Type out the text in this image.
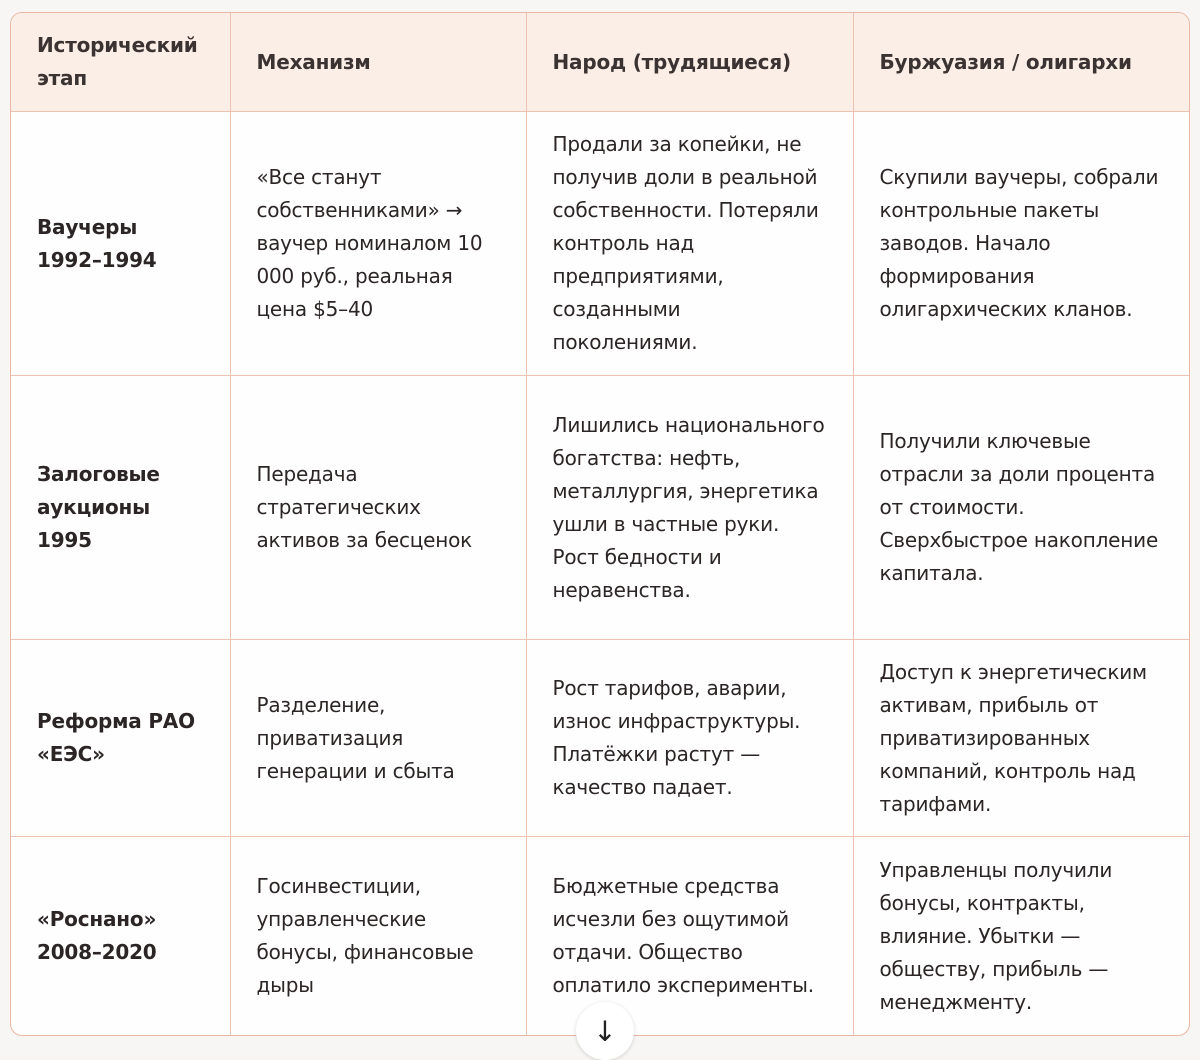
Исторический этап	Механизм	Народ (трудящиеся)	Буржуазия / олигархи
Ваучеры 1992–1994	«Все станут собственниками» → ваучер номиналом 10 000 руб., реальная цена $5–40	Продали за копейки, не получив доли в реальной собственности. Потеряли контроль над предприятиями, созданными поколениями.	Скупили ваучеры, собрали контрольные пакеты заводов. Начало формирования олигархических кланов.
Залоговые аукционы 1995	Передача стратегических активов за бесценок	Лишились национального богатства: нефть, металлургия, энергетика ушли в частные руки. Рост бедности и неравенства.	Получили ключевые отрасли за доли процента от стоимости. Сверхбыстрое накопление капитала.
Реформа РАО «ЕЭС»	Разделение, приватизация генерации и сбыта	Рост тарифов, аварии, износ инфраструктуры. Платёжки растут — качество падает.	Доступ к энергетическим активам, прибыль от приватизированных компаний, контроль над тарифами.
«Роснано» 2008–2020	Госинвестиции, управленческие бонусы, финансовые дыры	Бюджетные средства исчезли без ощутимой отдачи. Общество оплатило эксперименты.	Управленцы получили бонусы, контракты, влияние. Убытки — обществу, прибыль — менеджменту.
↓
